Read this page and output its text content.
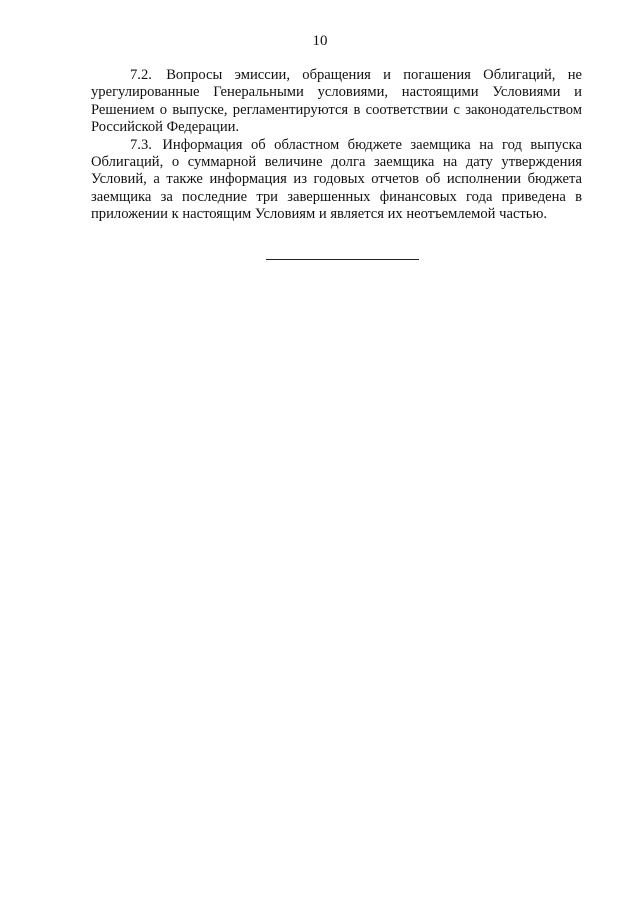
10

7.2. Вопросы эмиссии, обращения и погашения Облигаций, не урегулированные Генеральными условиями, настоящими Условиями и Решением о выпуске, регламентируются в соответствии с законодательством Российской Федерации.

7.3. Информация об областном бюджете заемщика на год выпуска Облигаций, о суммарной величине долга заемщика на дату утверждения Условий, а также информация из годовых отчетов об исполнении бюджета заемщика за последние три завершенных финансовых года приведена в приложении к настоящим Условиям и является их неотъемлемой частью.
